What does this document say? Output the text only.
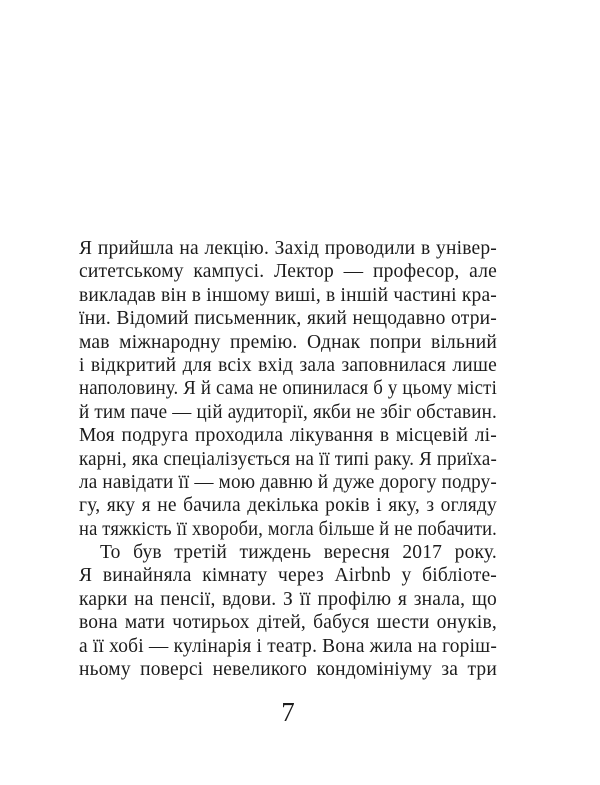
Я прийшла на лекцію. Захід проводили в універ-
ситетському кампусі. Лектор — професор, але
викладав він в іншому виші, в іншій частині кра-
їни. Відомий письменник, який нещодавно отри-
мав міжнародну премію. Однак попри вільний
і відкритий для всіх вхід зала заповнилася лише
наполовину. Я й сама не опинилася б у цьому місті
й тим паче — цій аудиторії, якби не збіг обставин.
Моя подруга проходила лікування в місцевій лі-
карні, яка спеціалізується на її типі раку. Я приїха-
ла навідати її — мою давню й дуже дорогу подру-
гу, яку я не бачила декілька років і яку, з огляду
на тяжкість її хвороби, могла більше й не побачити.
То був третій тиждень вересня 2017 року.
Я винайняла кімнату через Airbnb у бібліоте-
карки на пенсії, вдови. З її профілю я знала, що
вона мати чотирьох дітей, бабуся шести онуків,
а її хобі — кулінарія і театр. Вона жила на горіш-
ньому поверсі невеликого кондомініуму за три
7
